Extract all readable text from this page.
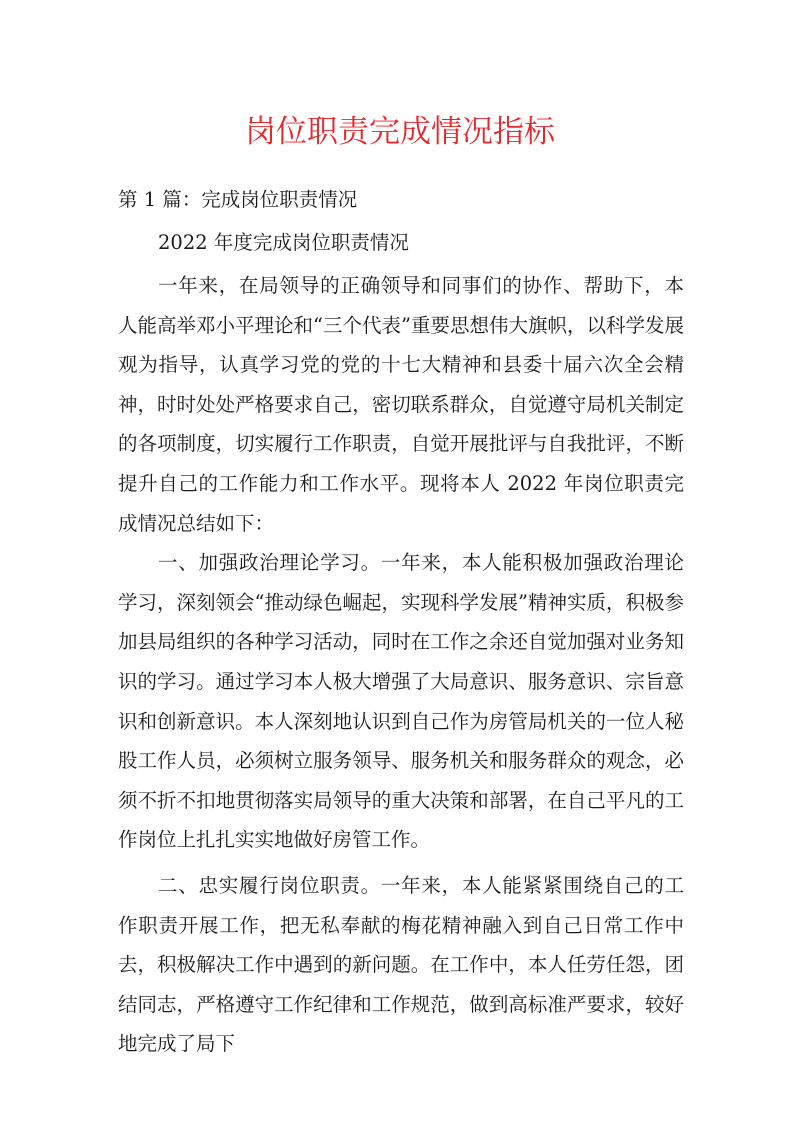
岗位职责完成情况指标
第 1 篇：完成岗位职责情况
2022 年度完成岗位职责情况

一年来，在局领导的正确领导和同事们的协作、帮助下，本人能高举邓小平理论和“三个代表”重要思想伟大旗帜，以科学发展观为指导，认真学习党的党的十七大精神和县委十届六次全会精神，时时处处严格要求自己，密切联系群众，自觉遵守局机关制定的各项制度，切实履行工作职责，自觉开展批评与自我批评，不断提升自己的工作能力和工作水平。现将本人 2022 年岗位职责完成情况总结如下：

一、加强政治理论学习。一年来，本人能积极加强政治理论学习，深刻领会“推动绿色崛起，实现科学发展”精神实质，积极参加县局组织的各种学习活动，同时在工作之余还自觉加强对业务知识的学习。通过学习本人极大增强了大局意识、服务意识、宗旨意识和创新意识。本人深刻地认识到自己作为房管局机关的一位人秘股工作人员，必须树立服务领导、服务机关和服务群众的观念，必须不折不扣地贯彻落实局领导的重大决策和部署，在自己平凡的工作岗位上扎扎实实地做好房管工作。

二、忠实履行岗位职责。一年来，本人能紧紧围绕自己的工作职责开展工作，把无私奉献的梅花精神融入到自己日常工作中去，积极解决工作中遇到的新问题。在工作中，本人任劳任怨，团结同志，严格遵守工作纪律和工作规范，做到高标准严要求，较好地完成了局下
